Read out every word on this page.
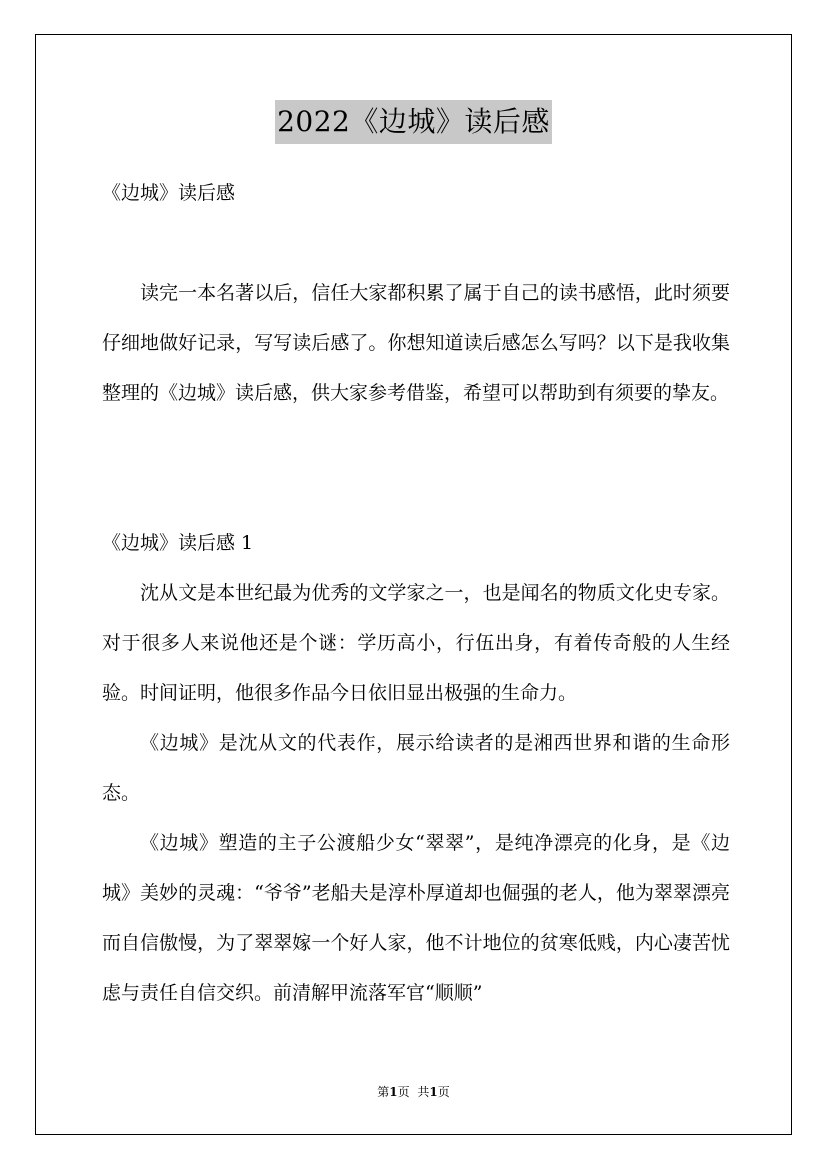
2022《边城》读后感

《边城》读后感

读完一本名著以后，信任大家都积累了属于自己的读书感悟，此时须要仔细地做好记录，写写读后感了。你想知道读后感怎么写吗？以下是我收集整理的《边城》读后感，供大家参考借鉴，希望可以帮助到有须要的挚友。

《边城》读后感 1

沈从文是本世纪最为优秀的文学家之一，也是闻名的物质文化史专家。对于很多人来说他还是个谜：学历高小，行伍出身，有着传奇般的人生经验。时间证明，他很多作品今日依旧显出极强的生命力。

《边城》是沈从文的代表作，展示给读者的是湘西世界和谐的生命形态。

《边城》塑造的主子公渡船少女“翠翠”，是纯净漂亮的化身，是《边城》美妙的灵魂：“爷爷”老船夫是淳朴厚道却也倔强的老人，他为翠翠漂亮而自信傲慢，为了翠翠嫁一个好人家，他不计地位的贫寒低贱，内心凄苦忧虑与责任自信交织。前清解甲流落军官“顺顺”

第1页 共1页
